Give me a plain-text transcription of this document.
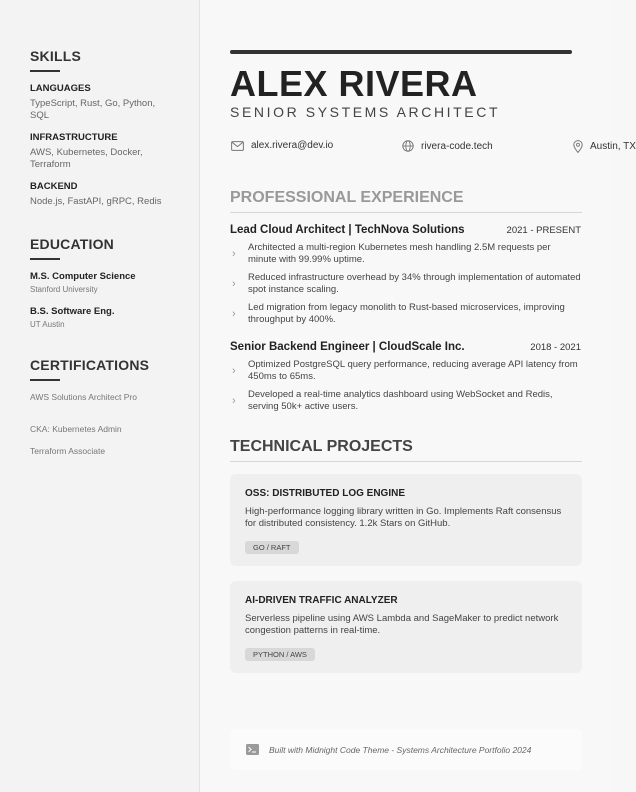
SKILLS
LANGUAGES
TypeScript, Rust, Go, Python, SQL
INFRASTRUCTURE
AWS, Kubernetes, Docker, Terraform
BACKEND
Node.js, FastAPI, gRPC, Redis
EDUCATION
M.S. Computer Science
Stanford University
B.S. Software Eng.
UT Austin
CERTIFICATIONS
AWS Solutions Architect Pro
CKA: Kubernetes Admin
Terraform Associate
ALEX RIVERA
SENIOR SYSTEMS ARCHITECT
alex.rivera@dev.io	rivera-code.tech	Austin, TX
PROFESSIONAL EXPERIENCE
Lead Cloud Architect | TechNova Solutions	2021 - PRESENT
›
Architected a multi-region Kubernetes mesh handling 2.5M requests per minute with 99.99% uptime.
›
Reduced infrastructure overhead by 34% through implementation of automated spot instance scaling.
›
Led migration from legacy monolith to Rust-based microservices, improving throughput by 400%.
Senior Backend Engineer | CloudScale Inc.	2018 - 2021
›
Optimized PostgreSQL query performance, reducing average API latency from 450ms to 65ms.
›
Developed a real-time analytics dashboard using WebSocket and Redis, serving 50k+ active users.
TECHNICAL PROJECTS
OSS: DISTRIBUTED LOG ENGINE
High-performance logging library written in Go. Implements Raft consensus for distributed consistency. 1.2k Stars on GitHub.
GO / RAFT
AI-DRIVEN TRAFFIC ANALYZER
Serverless pipeline using AWS Lambda and SageMaker to predict network congestion patterns in real-time.
PYTHON / AWS
Built with Midnight Code Theme - Systems Architecture Portfolio 2024
